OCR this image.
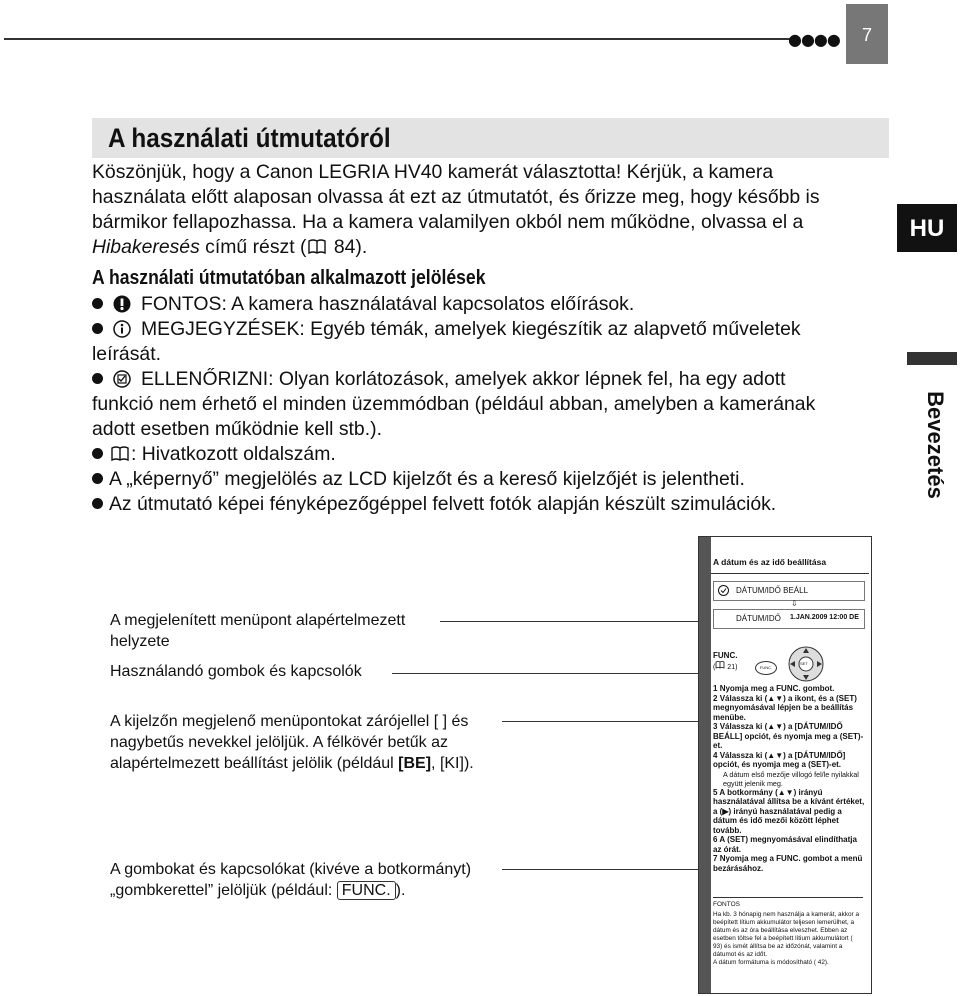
●●●●	7
HU
Bevezetés
A használati útmutatóról

Köszönjük, hogy a Canon LEGRIA HV40 kamerát választotta! Kérjük, a kamera

használata előtt alaposan olvassa át ezt az útmutatót, és őrizze meg, hogy később is

bármikor fellapozhassa. Ha a kamera valamilyen okból nem működne, olvassa el a

Hibakeresés című részt ( 84).

A használati útmutatóban alkalmazott jelölések

FONTOS: A kamera használatával kapcsolatos előírások.

MEGJEGYZÉSEK: Egyéb témák, amelyek kiegészítik az alapvető műveletek

leírását.

ELLENŐRIZNI: Olyan korlátozások, amelyek akkor lépnek fel, ha egy adott

funkció nem érhető el minden üzemmódban (például abban, amelyben a kamerának

adott esetben működnie kell stb.).

: Hivatkozott oldalszám.

A „képernyő” megjelölés az LCD kijelzőt és a kereső kijelzőjét is jelentheti.

Az útmutató képei fényképezőgéppel felvett fotók alapján készült szimulációk.

A megjelenített menüpont alapértelmezett
helyzete
Használandó gombok és kapcsolók
A kijelzőn megjelenő menüpontokat zárójellel [ ] és
nagybetűs nevekkel jelöljük. A félkövér betűk az
alapértelmezett beállítást jelölik (például [BE], [KI]).
A gombokat és kapcsolókat (kivéve a botkormányt)
„gombkerettel” jelöljük (például: FUNC. ).
A dátum és az idő beállítása
DÁTUM/IDŐ BEÁLL
⇩
DÁTUM/IDŐ 1.JAN.2009 12:00 DE
FUNC.
( 21)	FUNC.
SET
1 Nyomja meg a FUNC. gombot.
2 Válassza ki (▲▼) a ikont, és a (SET) megnyomásával lépjen be a beállítás menübe.
3 Válassza ki (▲▼) a [DÁTUM/IDŐ BEÁLL] opciót, és nyomja meg a (SET)-et.
4 Válassza ki (▲▼) a [DÁTUM/IDŐ] opciót, és nyomja meg a (SET)-et.
A dátum első mezője villogó fel/le nyilakkal együtt jelenik meg.
5 A botkormány (▲▼) irányú használatával állítsa be a kívánt értéket, a (▶) irányú használatával pedig a dátum és idő mezői között léphet tovább.
6 A (SET) megnyomásával elindíthatja az órát.
7 Nyomja meg a FUNC. gombot a menü bezárásához.
FONTOS
Ha kb. 3 hónapig nem használja a kamerát, akkor a beépített lítium akkumulátor teljesen lemerülhet, a dátum és az óra beállítása elveszhet. Ebben az esetben töltse fel a beépített lítium akkumulátort ( 93) és ismét állítsa be az időzónát, valamint a dátumot és az időt.
A dátum formátuma is módosítható ( 42).
